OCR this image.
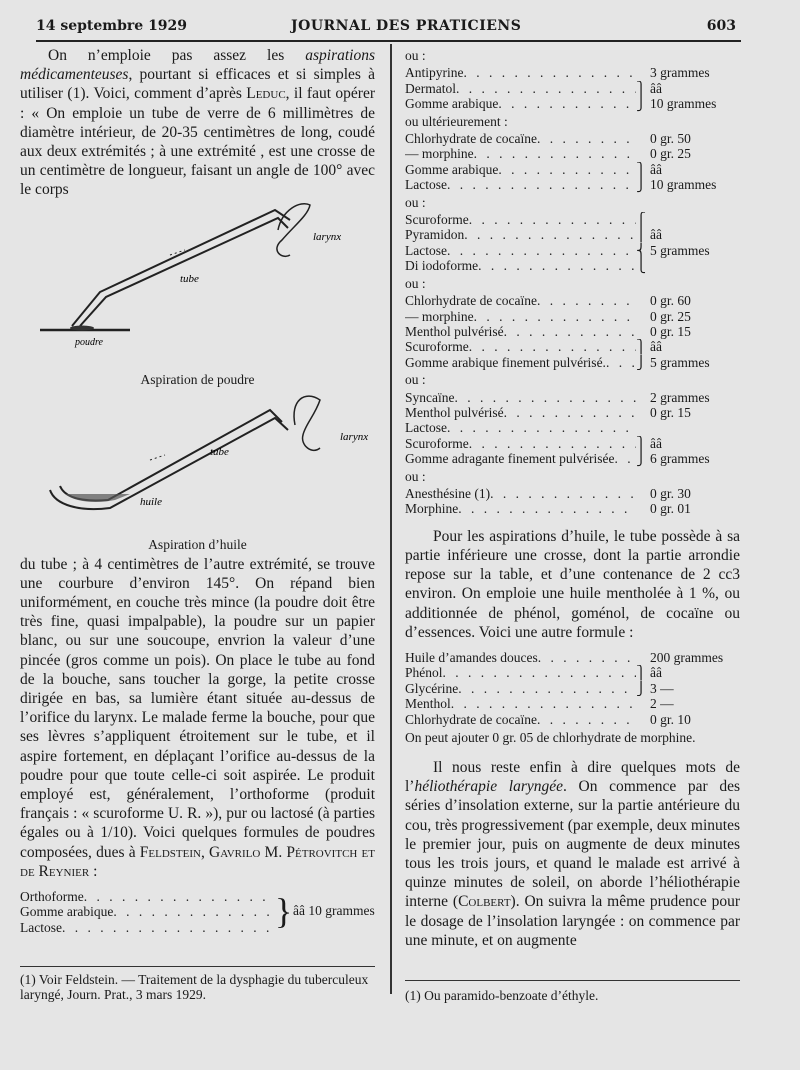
14 septembre 1929	JOURNAL DES PRATICIENS	603

On n’emploie pas assez les aspirations médicamenteuses, pourtant si efficaces et si simples à utiliser (1). Voici, comment d’après Leduc, il faut opérer : « On emploie un tube de verre de 6 millimètres de diamètre intérieur, de 20-35 centimètres de long, coudé aux deux extrémités ; à une extrémité , est une crosse de un centimètre de longueur, faisant un angle de 100° avec le corps

larynx
tube
poudre
Aspiration de poudre
larynx
tube
huile
Aspiration d’huile

du tube ; à 4 centimètres de l’autre extrémité, se trouve une courbure d’environ 145°. On répand bien uniformément, en couche très mince (la poudre doit être très fine, quasi impalpable), la poudre sur un papier blanc, ou sur une soucoupe, envrion la valeur d’une pincée (gros comme un pois). On place le tube au fond de la bouche, sans toucher la gorge, la petite crosse dirigée en bas, sa lumière étant située au-dessus de l’orifice du larynx. Le malade ferme la bouche, pour que ses lèvres s’appliquent étroitement sur le tube, et il aspire fortement, en déplaçant l’orifice au-dessus de la poudre pour que toute celle-ci soit aspirée. Le produit employé est, généralement, l’orthoforme (produit français : « scuroforme U. R. »), pur ou lactosé (à parties égales ou à 1/10). Voici quelques formules de poudres composées, dues à Feldstein, Gavrilo M. Pétrovitch et de Reynier :

Orthoforme
. . .
Gomme arabique
. . .
Lactose . . .	} ââ 10 grammes
(1) Voir Feldstein. — Traitement de la dysphagie du tuberculeux laryngé, Journ. Prat., 3 mars 1929.
ou :
Antipyrine . . .	3 grammes
Dermatol . . .	⎫ ââ
Gomme arabique . . .	⎭ 10 grammes
ou ultérieurement :
Chlorhydrate de cocaïne . . .	0 gr. 50
— morphine . . .	0 gr. 25
Gomme arabique . . .	⎫ ââ
Lactose . . .	⎭ 10 grammes
ou :
Scuroforme . . .	⎧
Pyramidon . . .	⎪ ââ
Lactose . . .	⎨ 5 grammes
Di iodoforme . . .	⎩
ou :
Chlorhydrate de cocaïne . . .	0 gr. 60
— morphine . . .	0 gr. 25
Menthol pulvérisé . . .	0 gr. 15
Scuroforme . . .	⎫ ââ
Gomme arabique finement pulvérisé. . . . ⎭ 5 grammes
ou :
Syncaïne . . .	2 grammes
Menthol pulvérisé . . .	0 gr. 15
Lactose
. . .
Scuroforme . . .	⎫ ââ
Gomme adragante finement pulvérisée . . . ⎭ 6 grammes
ou :
Anesthésine (1) . . .	0 gr. 30
Morphine . . .	0 gr. 01

Pour les aspirations d’huile, le tube possède à sa partie inférieure une crosse, dont la partie arrondie repose sur la table, et d’une contenance de 2 cc3 environ. On emploie une huile mentholée à 1 %, ou additionnée de phénol, goménol, de cocaïne ou d’essences. Voici une autre formule :

Huile d’amandes douces . . .	200 grammes
Phénol . . .	⎫ ââ
Glycérine . . .	⎭ 3 —
Menthol . . .	2 —
Chlorhydrate de cocaïne . . .	0 gr. 10
On peut ajouter 0 gr. 05 de chlorhydrate de morphine.

Il nous reste enfin à dire quelques mots de l’héliothérapie laryngée. On commence par des séries d’insolation externe, sur la partie antérieure du cou, très progressivement (par exemple, deux minutes le premier jour, puis on augmente de deux minutes tous les trois jours, et quand le malade est arrivé à quinze minutes de soleil, on aborde l’héliothérapie interne (Colbert). On suivra la même prudence pour le dosage de l’insolation laryngée : on commence par une minute, et on augmente

(1) Ou paramido-benzoate d’éthyle.
